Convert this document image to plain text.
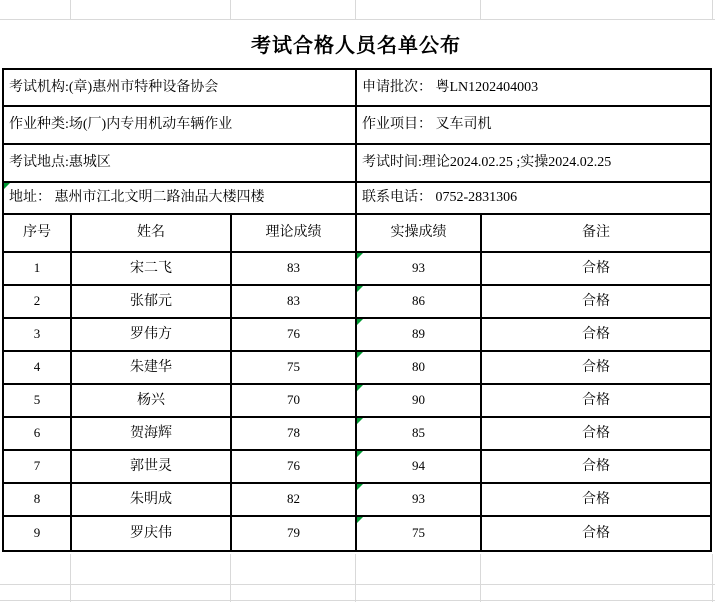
考试合格人员名单公布
考试机构:(章)惠州市特种设备协会	申请批次： 粤LN1202404003
作业种类:场(厂)内专用机动车辆作业	作业项目： 叉车司机
考试地点:惠城区	考试时间:理论2024.02.25 ;实操2024.02.25
地址： 惠州市江北文明二路油品大楼四楼	联系电话： 0752-2831306
序号	姓名	理论成绩	实操成绩	备注
1	宋二飞	83	93	合格
2	张郁元	83	86	合格
3	罗伟方	76	89	合格
4	朱建华	75	80	合格
5	杨兴	70	90	合格
6	贺海辉	78	85	合格
7	郭世灵	76	94	合格
8	朱明成	82	93	合格
9	罗庆伟	79	75	合格
